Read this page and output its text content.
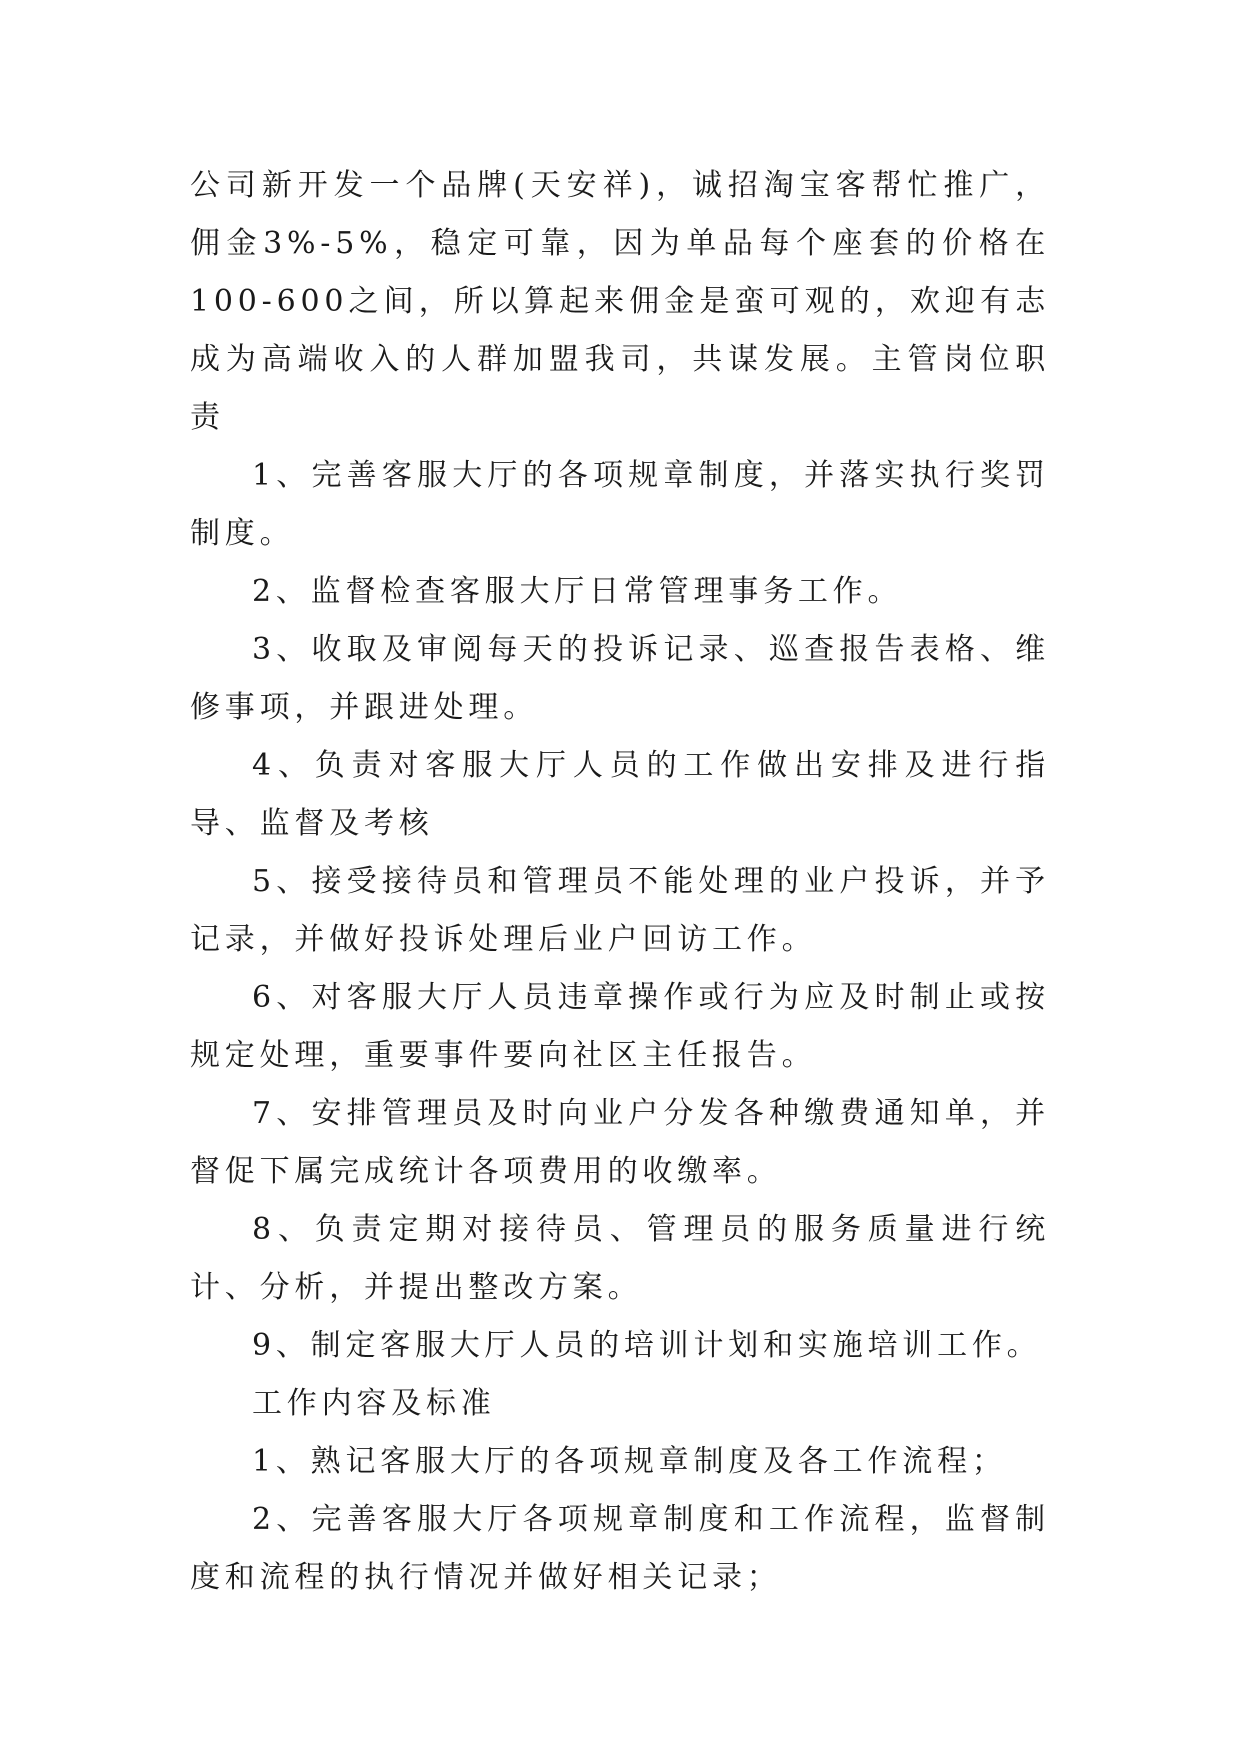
公司新开发一个品牌(天安祥)，诚招淘宝客帮忙推广，佣金3%-5%，稳定可靠，因为单品每个座套的价格在100-600之间，所以算起来佣金是蛮可观的，欢迎有志成为高端收入的人群加盟我司，共谋发展。主管岗位职责

1、完善客服大厅的各项规章制度，并落实执行奖罚制度。

2、监督检查客服大厅日常管理事务工作。

3、收取及审阅每天的投诉记录、巡查报告表格、维修事项，并跟进处理。

4、负责对客服大厅人员的工作做出安排及进行指导、监督及考核

5、接受接待员和管理员不能处理的业户投诉，并予记录，并做好投诉处理后业户回访工作。

6、对客服大厅人员违章操作或行为应及时制止或按规定处理，重要事件要向社区主任报告。

7、安排管理员及时向业户分发各种缴费通知单，并督促下属完成统计各项费用的收缴率。

8、负责定期对接待员、管理员的服务质量进行统计、分析，并提出整改方案。

9、制定客服大厅人员的培训计划和实施培训工作。

工作内容及标准

1、熟记客服大厅的各项规章制度及各工作流程；

2、完善客服大厅各项规章制度和工作流程，监督制度和流程的执行情况并做好相关记录；
